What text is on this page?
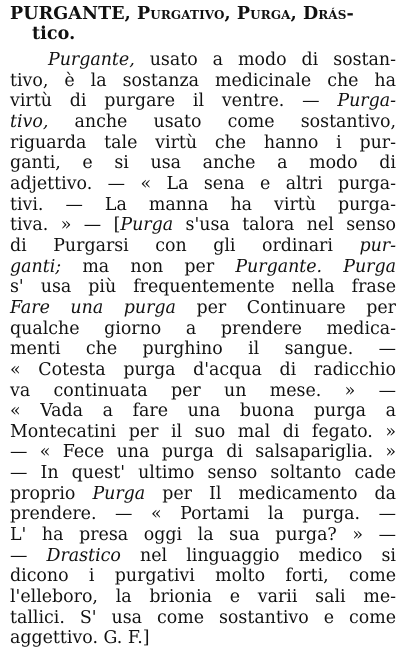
PURGANTE, Purgativo, Purga, Drás-
tico.
Purgante, usato a modo di sostan-
tivo, è la sostanza medicinale che ha
virtù di purgare il ventre. — Purga-
tivo, anche usato come sostantivo,
riguarda tale virtù che hanno i pur-
ganti, e si usa anche a modo di
adjettivo. — « La sena e altri purga-
tivi. — La manna ha virtù purga-
tiva. » — [Purga s'usa talora nel senso
di Purgarsi con gli ordinari pur-
ganti; ma non per Purgante. Purga
s' usa più frequentemente nella frase
Fare una purga per Continuare per
qualche giorno a prendere medica-
menti che purghino il sangue. —
« Cotesta purga d'acqua di radicchio
va continuata per un mese. » —
« Vada a fare una buona purga a
Montecatini per il suo mal di fegato. »
— « Fece una purga di salsapariglia. »
— In quest' ultimo senso soltanto cade
proprio Purga per Il medicamento da
prendere. — « Portami la purga. —
L' ha presa oggi la sua purga? » —
— Drastico nel linguaggio medico si
dicono i purgativi molto forti, come
l'elleboro, la brionia e varii sali me-
tallici. S' usa come sostantivo e come
aggettivo. G. F.]
